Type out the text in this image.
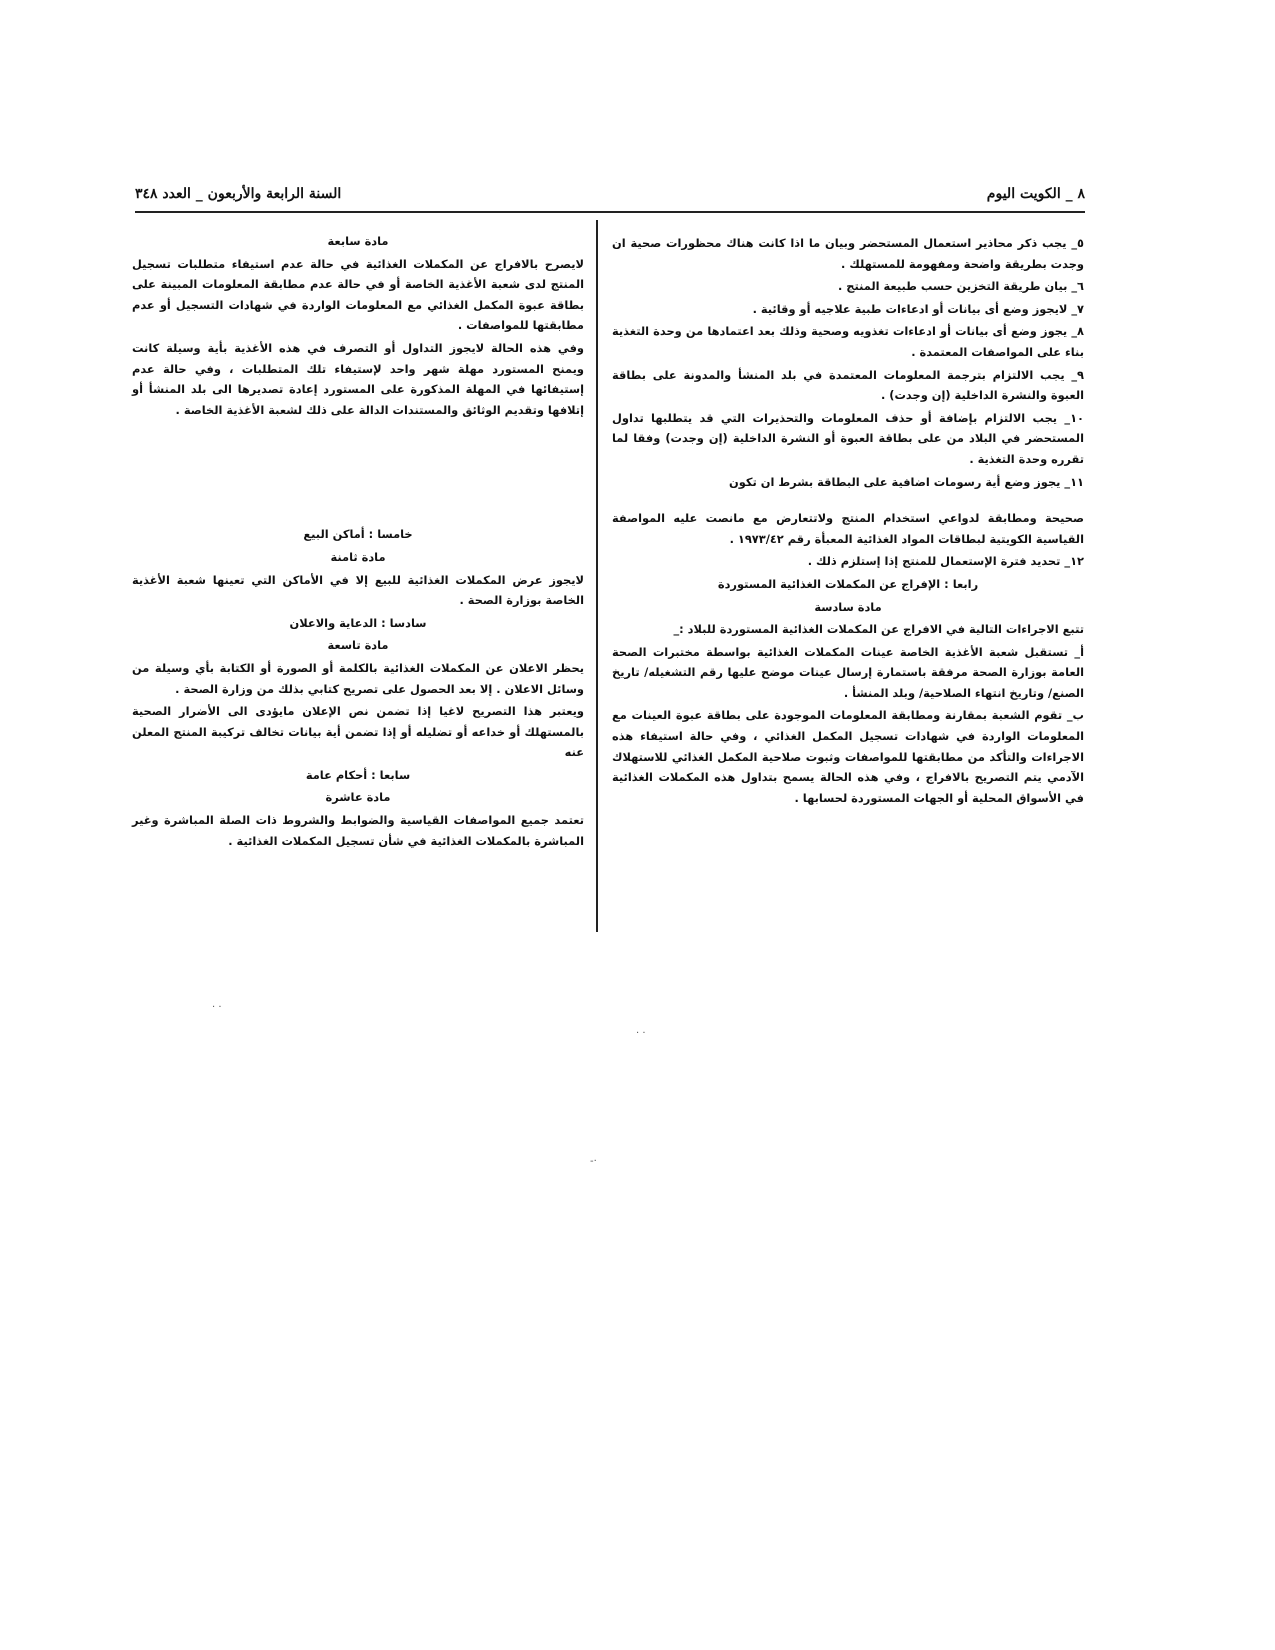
٨ _ الكويت اليوم
السنة الرابعة والأربعون _ العدد ٣٤٨

٥_ يجب ذكر محاذير استعمال المستحضر وبيان ما اذا كانت هناك محظورات صحية ان وجدت بطريقة واضحة ومفهومة للمستهلك .

٦_ بيان طريقة التخزين حسب طبيعة المنتج .

٧_ لايجوز وضع أى بيانات أو ادعاءات طبية علاجيه أو وقائية .

٨_ يجوز وضع أى بيانات أو ادعاءات تغذويه وصحية وذلك بعد اعتمادها من وحدة التغذية بناء على المواصفات المعتمدة .

٩_ يجب الالتزام بترجمة المعلومات المعتمدة في بلد المنشأ والمدونة على بطاقة العبوة والنشرة الداخلية (إن وجدت) .

١٠_ يجب الالتزام بإضافة أو حذف المعلومات والتحذيرات التي قد يتطلبها تداول المستحضر في البلاد من على بطاقة العبوة أو النشرة الداخلية (إن وجدت) وفقا لما تقرره وحدة التغذية .

١١_ يجوز وضع أية رسومات اضافية على البطاقة بشرط ان تكون

صحيحة ومطابقة لدواعي استخدام المنتج ولاتتعارض مع مانصت عليه المواصفة القياسية الكويتية لبطاقات المواد الغذائية المعبأة رقم ١٩٧٣/٤٢ .

١٢_ تحديد فترة الإستعمال للمنتج إذا إستلزم ذلك .

رابعا : الإفراج عن المكملات الغذائية المستوردة
مادة سادسة

تتبع الاجراءات التالية في الافراج عن المكملات الغذائية المستوردة للبلاد :_

أ_ تستقبل شعبة الأغذية الخاصة عينات المكملات الغذائية بواسطة مختبرات الصحة العامة بوزارة الصحة مرفقة باستمارة إرسال عينات موضح عليها رقم التشغيله/ تاريخ الصنع/ وتاريخ انتهاء الصلاحية/ وبلد المنشأ .

ب_ تقوم الشعبة بمقارنة ومطابقة المعلومات الموجودة على بطاقة عبوة العينات مع المعلومات الواردة في شهادات تسجيل المكمل الغذائي ، وفي حالة استيفاء هذه الاجراءات والتأكد من مطابقتها للمواصفات وثبوت صلاحية المكمل الغذائي للاستهلاك الآدمي يتم التصريح بالافراج ، وفي هذه الحالة يسمح بتداول هذه المكملات الغذائية في الأسواق المحلية أو الجهات المستوردة لحسابها .

مادة سابعة

لايصرح بالافراج عن المكملات الغذائية في حالة عدم استيفاء متطلبات تسجيل المنتج لدى شعبة الأغذية الخاصة أو في حالة عدم مطابقة المعلومات المبينة على بطاقة عبوة المكمل الغذائي مع المعلومات الواردة في شهادات التسجيل أو عدم مطابقتها للمواصفات .

وفي هذه الحالة لايجوز التداول أو التصرف في هذه الأغذية بأية وسيلة كانت ويمنح المستورد مهلة شهر واحد لإستيفاء تلك المتطلبات ، وفي حالة عدم إستيفائها في المهلة المذكورة على المستورد إعادة تصديرها الى بلد المنشأ أو إتلافها وتقديم الوثائق والمستندات الدالة على ذلك لشعبة الأغذية الخاصة .

خامسا : أماكن البيع
مادة ثامنة

لايجوز عرض المكملات الغذائية للبيع إلا في الأماكن التي تعينها شعبة الأغذية الخاصة بوزارة الصحة .

سادسا : الدعاية والاعلان
مادة تاسعة

يحظر الاعلان عن المكملات الغذائية بالكلمة أو الصورة أو الكتابة بأي وسيلة من وسائل الاعلان . إلا بعد الحصول على تصريح كتابي بذلك من وزارة الصحة .

ويعتبر هذا التصريح لاغيا إذا تضمن نص الإعلان مايؤدى الى الأضرار الصحية بالمستهلك أو خداعه أو تضليله أو إذا تضمن أية بيانات تخالف تركيبة المنتج المعلن عنه

سابعا : أحكام عامة
مادة عاشرة

تعتمد جميع المواصفات القياسية والضوابط والشروط ذات الصلة المباشرة وغير المباشرة بالمكملات الغذائية في شأن تسجيل المكملات الغذائية .

· ·
· ·
-·
